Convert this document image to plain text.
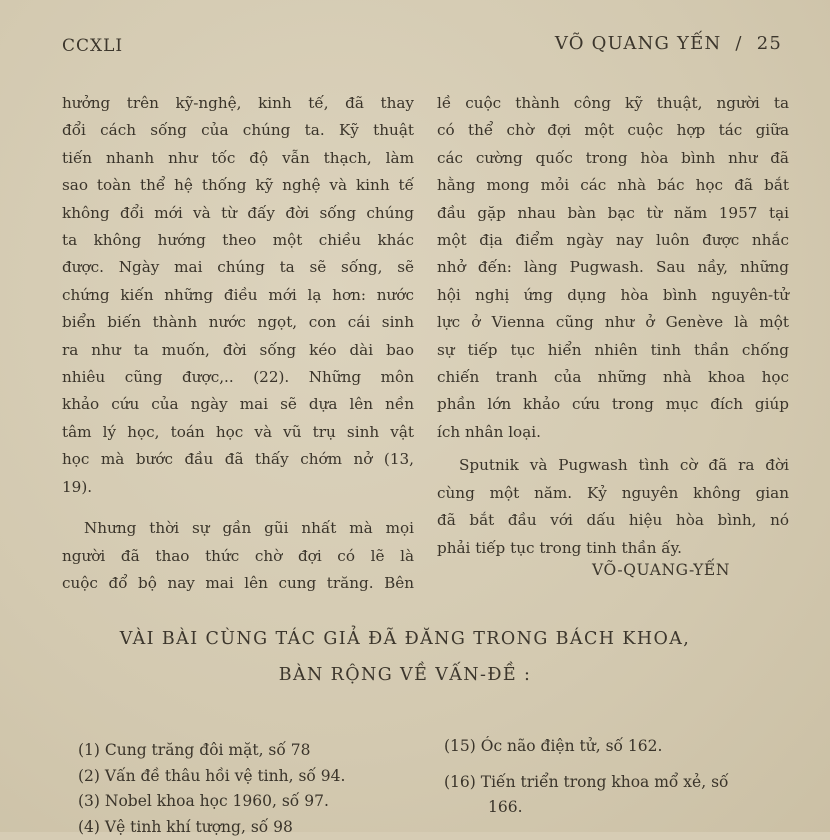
CCXLI	VÕ QUANG YẾN / 25
hưởng trên kỹ-nghệ, kinh tế, đã thay
đổi cách sống của chúng ta. Kỹ thuật
tiến nhanh như tốc độ vẫn thạch, làm
sao toàn thể hệ thống kỹ nghệ và kinh tế
không đổi mới và từ đấy đời sống chúng
ta không hướng theo một chiều khác
được. Ngày mai chúng ta sẽ sống, sẽ
chứng kiến những điều mới lạ hơn: nước
biển biến thành nước ngọt, con cái sinh
ra như ta muốn, đời sống kéo dài bao
nhiêu cũng được,.. (22). Những môn
khảo cứu của ngày mai sẽ dựa lên nền
tâm lý học, toán học và vũ trụ sinh vật
học mà bước đầu đã thấy chớm nở (13,
19).
Nhưng thời sự gần gũi nhất mà mọi
người đã thao thức chờ đợi có lẽ là
cuộc đổ bộ nay mai lên cung trăng. Bên
lề cuộc thành công kỹ thuật, người ta
có thể chờ đợi một cuộc hợp tác giữa
các cường quốc trong hòa bình như đã
hằng mong mỏi các nhà bác học đã bắt
đầu gặp nhau bàn bạc từ năm 1957 tại
một địa điểm ngày nay luôn được nhắc
nhở đến: làng Pugwash. Sau nầy, những
hội nghị ứng dụng hòa bình nguyên-tử
lực ở Vienna cũng như ở Genève là một
sự tiếp tục hiển nhiên tinh thần chống
chiến tranh của những nhà khoa học
phần lớn khảo cứu trong mục đích giúp
ích nhân loại.
Sputnik và Pugwash tình cờ đã ra đời
cùng một năm. Kỷ nguyên không gian
đã bắt đầu với dấu hiệu hòa bình, nó
phải tiếp tục trong tinh thần ấy.
VÕ-QUANG-YẾN
VÀI BÀI CÙNG TÁC GIẢ ĐÃ ĐĂNG TRONG BÁCH KHOA,
BÀN RỘNG VỀ VẤN-ĐỀ :
(1) Cung trăng đôi mặt, số 78
(2) Vấn đề thâu hồi vệ tinh, số 94.
(3) Nobel khoa học 1960, số 97.
(4) Vệ tinh khí tượng, số 98
(15) Óc não điện tử, số 162.
(16) Tiến triển trong khoa mổ xẻ, số
166.
